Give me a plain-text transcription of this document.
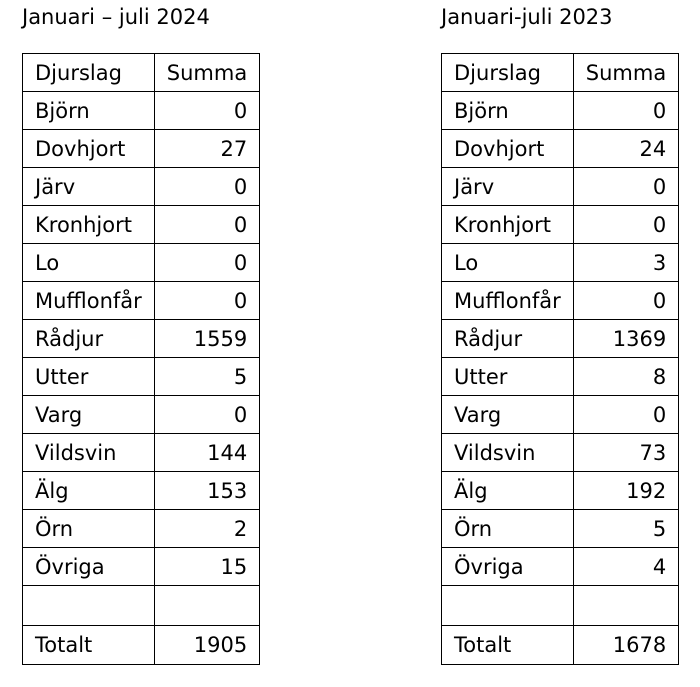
Januari – juli 2024
Djurslag	Summa
Björn	0
Dovhjort	27
Järv	0
Kronhjort	0
Lo	0
Mufflonfår	0
Rådjur	1559
Utter	5
Varg	0
Vildsvin	144
Älg	153
Örn	2
Övriga	15

Totalt	1905
Januari-juli 2023
Djurslag	Summa
Björn	0
Dovhjort	24
Järv	0
Kronhjort	0
Lo	3
Mufflonfår	0
Rådjur	1369
Utter	8
Varg	0
Vildsvin	73
Älg	192
Örn	5
Övriga	4

Totalt	1678
